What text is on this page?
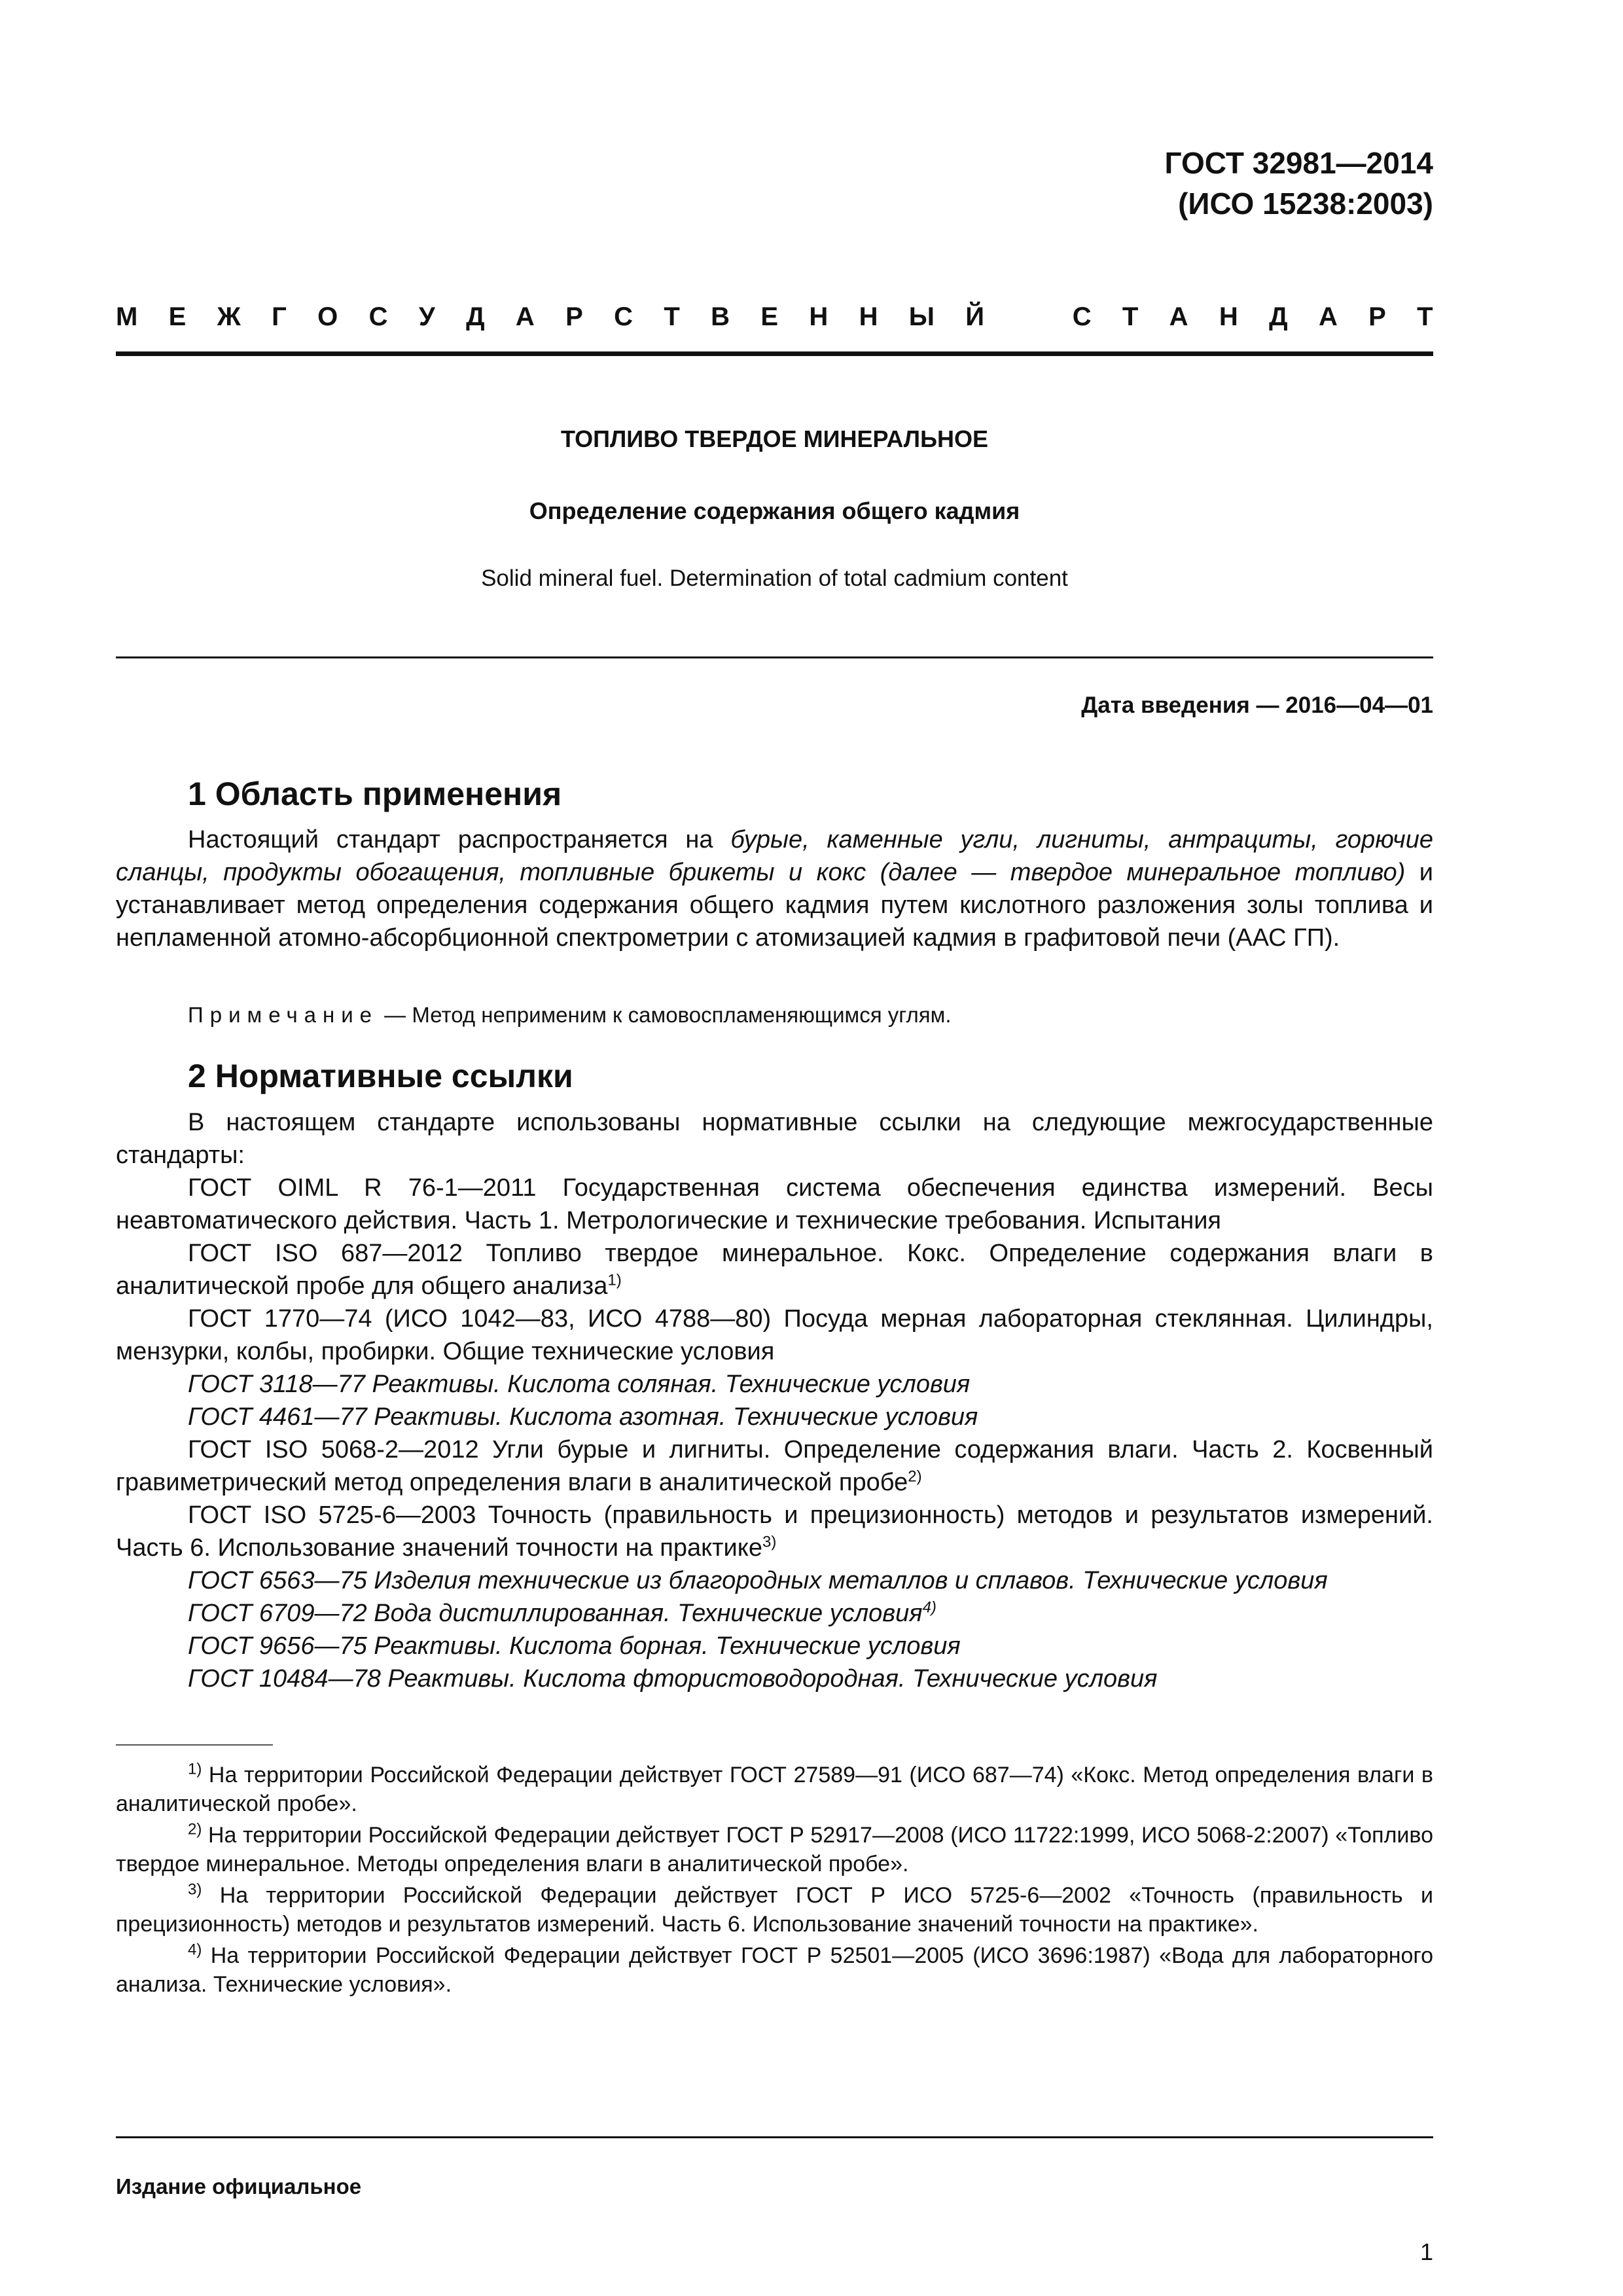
ГОСТ 32981—2014
(ИСО 15238:2003)
М Е Ж Г О С У Д А Р С Т В Е Н Н Ы Й	С Т А Н Д А Р Т
ТОПЛИВО ТВЕРДОЕ МИНЕРАЛЬНОЕ
Определение содержания общего кадмия
Solid mineral fuel. Determination of total cadmium content
Дата введения — 2016—04—01
1 Область применения
Настоящий стандарт распространяется на бурые, каменные угли, лигниты, антрациты, горючие сланцы, продукты обогащения, топливные брикеты и кокс (далее — твердое минеральное топливо) и устанавливает метод определения содержания общего кадмия путем кислотного разложения золы топлива и непламенной атомно-абсорбционной спектрометрии с атомизацией кадмия в графитовой печи (ААС ГП).
Примечание — Метод неприменим к самовоспламеняющимся углям.
2 Нормативные ссылки
В настоящем стандарте использованы нормативные ссылки на следующие межгосударственные стандарты:
ГОСТ OIML R 76-1—2011 Государственная система обеспечения единства измерений. Весы неавтоматического действия. Часть 1. Метрологические и технические требования. Испытания
ГОСТ ISO 687—2012 Топливо твердое минеральное. Кокс. Определение содержания влаги в аналитической пробе для общего анализа$^{1)}$
ГОСТ 1770—74 (ИСО 1042—83, ИСО 4788—80) Посуда мерная лабораторная стеклянная. Цилиндры, мензурки, колбы, пробирки. Общие технические условия
ГОСТ 3118—77 Реактивы. Кислота соляная. Технические условия
ГОСТ 4461—77 Реактивы. Кислота азотная. Технические условия
ГОСТ ISO 5068-2—2012 Угли бурые и лигниты. Определение содержания влаги. Часть 2. Косвенный гравиметрический метод определения влаги в аналитической пробе$^{2)}$
ГОСТ ISO 5725-6—2003 Точность (правильность и прецизионность) методов и результатов измерений. Часть 6. Использование значений точности на практике$^{3)}$
ГОСТ 6563—75 Изделия технические из благородных металлов и сплавов. Технические условия
ГОСТ 6709—72 Вода дистиллированная. Технические условия$^{4)}$
ГОСТ 9656—75 Реактивы. Кислота борная. Технические условия
ГОСТ 10484—78 Реактивы. Кислота фтористоводородная. Технические условия
$^{1)}$ На территории Российской Федерации действует ГОСТ 27589—91 (ИСО 687—74) «Кокс. Метод определения влаги в аналитической пробе».
$^{2)}$ На территории Российской Федерации действует ГОСТ Р 52917—2008 (ИСО 11722:1999, ИСО 5068-2:2007) «Топливо твердое минеральное. Методы определения влаги в аналитической пробе».
$^{3)}$ На территории Российской Федерации действует ГОСТ Р ИСО 5725-6—2002 «Точность (правильность и прецизионность) методов и результатов измерений. Часть 6. Использование значений точности на практике».
$^{4)}$ На территории Российской Федерации действует ГОСТ Р 52501—2005 (ИСО 3696:1987) «Вода для лабораторного анализа. Технические условия».
Издание официальное
1
